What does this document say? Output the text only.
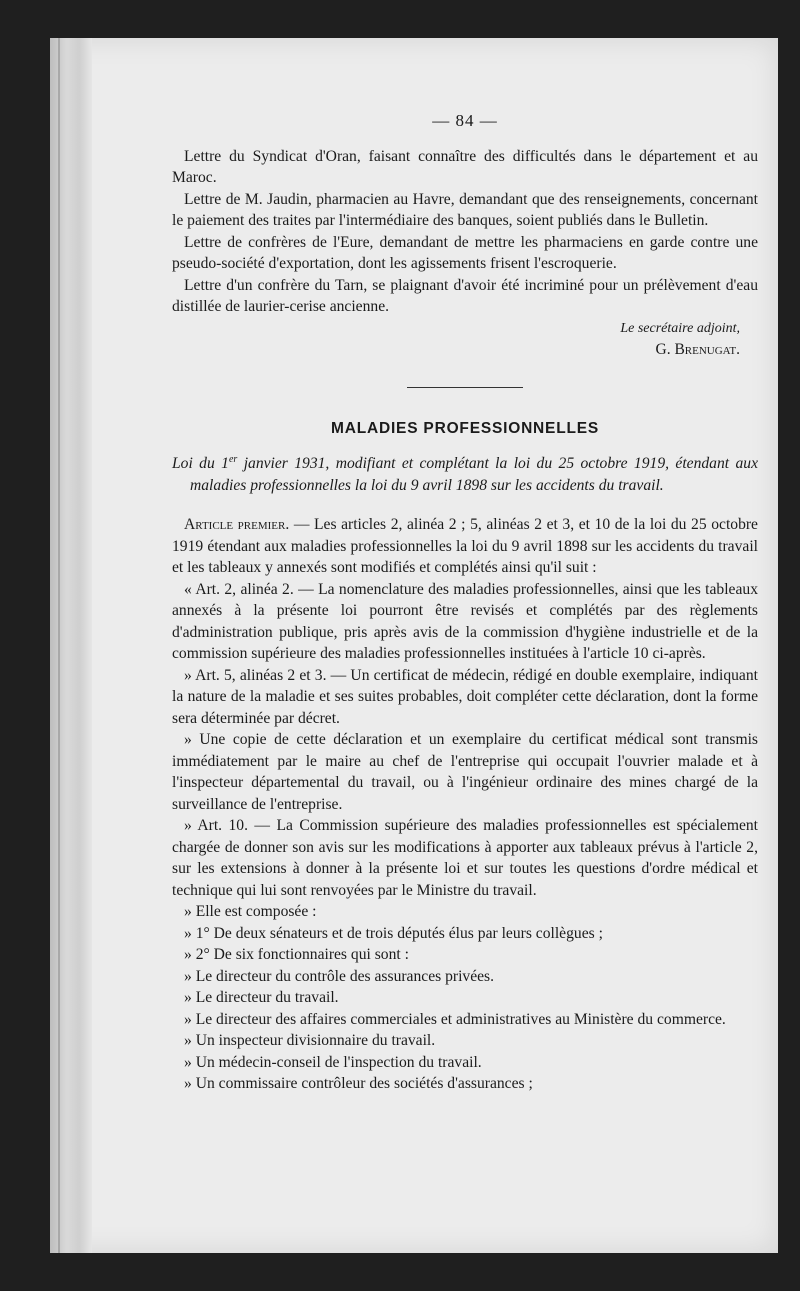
— 84 —

Lettre du Syndicat d'Oran, faisant connaître des difficultés dans le département et au Maroc.

Lettre de M. Jaudin, pharmacien au Havre, demandant que des renseignements, concernant le paiement des traites par l'intermédiaire des banques, soient publiés dans le Bulletin.

Lettre de confrères de l'Eure, demandant de mettre les pharmaciens en garde contre une pseudo-société d'exportation, dont les agissements frisent l'escroquerie.

Lettre d'un confrère du Tarn, se plaignant d'avoir été incriminé pour un prélèvement d'eau distillée de laurier-cerise ancienne.

Le secrétaire adjoint,

G. Brenugat.

MALADIES PROFESSIONNELLES

Loi du 1er janvier 1931, modifiant et complétant la loi du 25 octobre 1919, étendant aux maladies professionnelles la loi du 9 avril 1898 sur les accidents du travail.

Article premier. — Les articles 2, alinéa 2 ; 5, alinéas 2 et 3, et 10 de la loi du 25 octobre 1919 étendant aux maladies professionnelles la loi du 9 avril 1898 sur les accidents du travail et les tableaux y annexés sont modifiés et complétés ainsi qu'il suit :

« Art. 2, alinéa 2. — La nomenclature des maladies professionnelles, ainsi que les tableaux annexés à la présente loi pourront être revisés et complétés par des règlements d'administration publique, pris après avis de la commission d'hygiène industrielle et de la commission supérieure des maladies professionnelles instituées à l'article 10 ci-après.

» Art. 5, alinéas 2 et 3. — Un certificat de médecin, rédigé en double exemplaire, indiquant la nature de la maladie et ses suites probables, doit compléter cette déclaration, dont la forme sera déterminée par décret.

» Une copie de cette déclaration et un exemplaire du certificat médical sont transmis immédiatement par le maire au chef de l'entreprise qui occupait l'ouvrier malade et à l'inspecteur départemental du travail, ou à l'ingénieur ordinaire des mines chargé de la surveillance de l'entreprise.

» Art. 10. — La Commission supérieure des maladies professionnelles est spécialement chargée de donner son avis sur les modifications à apporter aux tableaux prévus à l'article 2, sur les extensions à donner à la présente loi et sur toutes les questions d'ordre médical et technique qui lui sont renvoyées par le Ministre du travail.

» Elle est composée :

» 1° De deux sénateurs et de trois députés élus par leurs collègues ;

» 2° De six fonctionnaires qui sont :

» Le directeur du contrôle des assurances privées.

» Le directeur du travail.

» Le directeur des affaires commerciales et administratives au Ministère du commerce.

» Un inspecteur divisionnaire du travail.

» Un médecin-conseil de l'inspection du travail.

» Un commissaire contrôleur des sociétés d'assurances ;
